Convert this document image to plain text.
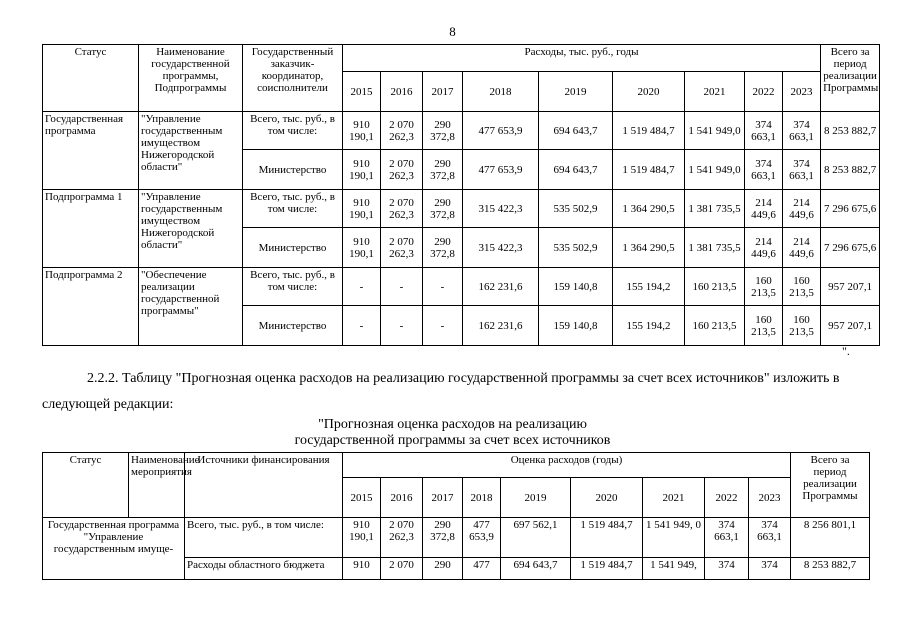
8
Статус	Наименование государственной программы, Подпрограммы	Государственный заказчик-координатор, соисполнители	Расходы, тыс. руб., годы									Всего за период реализации Программы
			2015	2016	2017	2018	2019	2020	2021	2022	2023	
Государственная программа	"Управление государственным имуществом Нижегородской области"	Всего, тыс. руб., в том числе:	910 190,1	2 070 262,3	290 372,8	477 653,9	694 643,7	1 519 484,7	1 541 949,0	374 663,1	374 663,1	8 253 882,7
		Министерство	910 190,1	2 070 262,3	290 372,8	477 653,9	694 643,7	1 519 484,7	1 541 949,0	374 663,1	374 663,1	8 253 882,7
Подпрограмма 1	"Управление государственным имуществом Нижегородской области"	Всего, тыс. руб., в том числе:	910 190,1	2 070 262,3	290 372,8	315 422,3	535 502,9	1 364 290,5	1 381 735,5	214 449,6	214 449,6	7 296 675,6
		Министерство	910 190,1	2 070 262,3	290 372,8	315 422,3	535 502,9	1 364 290,5	1 381 735,5	214 449,6	214 449,6	7 296 675,6
Подпрограмма 2	"Обеспечение реализации государственной программы"	Всего, тыс. руб., в том числе:	-	-	-	162 231,6	159 140,8	155 194,2	160 213,5	160 213,5	160 213,5	957 207,1
		Министерство	-	-	-	162 231,6	159 140,8	155 194,2	160 213,5	160 213,5	160 213,5	957 207,1
".
2.2.2. Таблицу "Прогнозная оценка расходов на реализацию государственной программы за счет всех источников" изложить в следующей редакции:
"Прогнозная оценка расходов на реализацию
государственной программы за счет всех источников
Статус	Наименование мероприятия	Источники финансирования	Оценка расходов (годы)									Всего за период реализации Программы
			2015	2016	2017	2018	2019	2020	2021	2022	2023	
Государственная программа "Управление государственным имуще-		Всего, тыс. руб., в том числе:	910 190,1	2 070 262,3	290 372,8	477 653,9	697 562,1	1 519 484,7	1 541 949, 0	374 663,1	374 663,1	8 256 801,1
		Расходы областного бюджета	910	2 070	290	477	694 643,7	1 519 484,7	1 541 949,	374	374	8 253 882,7
